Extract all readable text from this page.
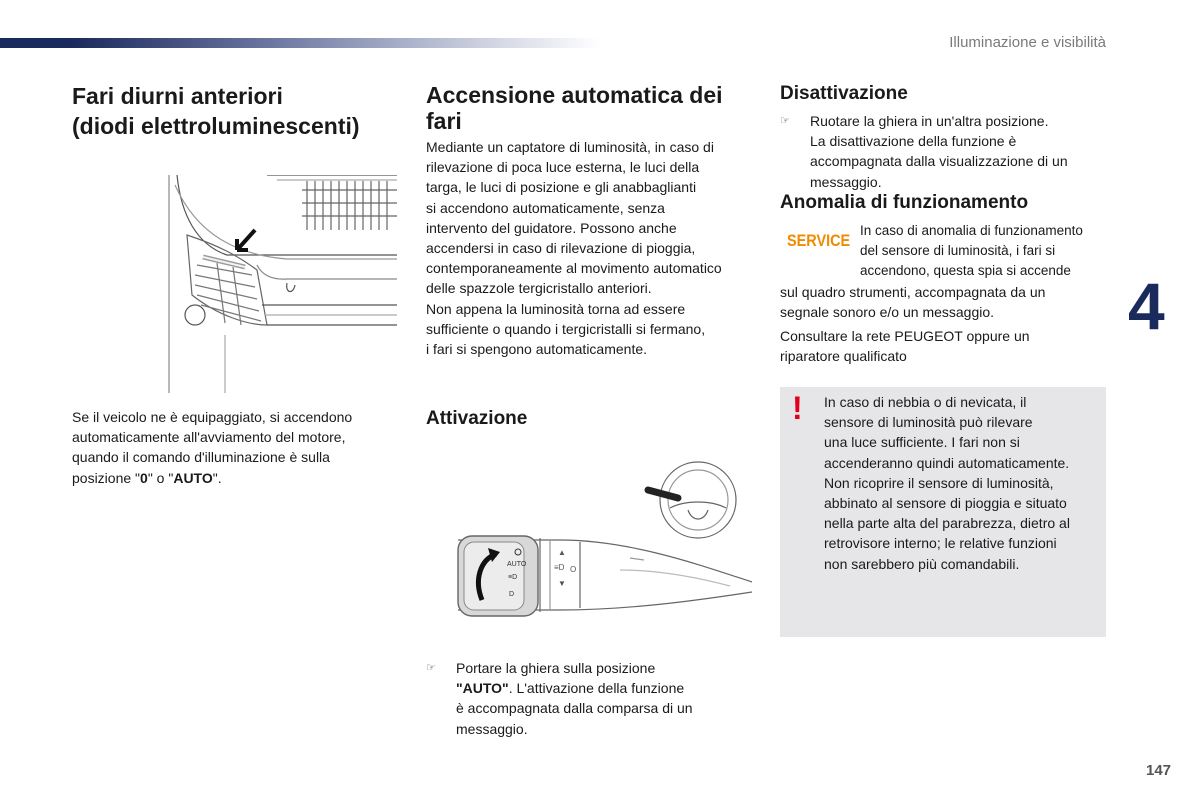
Illuminazione e visibilità
4
147
Fari diurni anteriori
(diodi elettroluminescenti)
Se il veicolo ne è equipaggiato, si accendono
automaticamente all'avviamento del motore,
quando il comando d'illuminazione è sulla
posizione "0" o "AUTO".
Accensione automatica dei
fari
Mediante un captatore di luminosità, in caso di
rilevazione di poca luce esterna, le luci della
targa, le luci di posizione e gli anabbaglianti
si accendono automaticamente, senza
intervento del guidatore. Possono anche
accendersi in caso di rilevazione di pioggia,
contemporaneamente al movimento automatico
delle spazzole tergicristallo anteriori.
Non appena la luminosità torna ad essere
sufficiente o quando i tergicristalli si fermano,
i fari si spengono automaticamente.
Attivazione
AUTO
≡D
D
▲
≡D O
▼
☞ Portare la ghiera sulla posizione
"AUTO". L'attivazione della funzione
è accompagnata dalla comparsa di un
messaggio.
Disattivazione
☞ Ruotare la ghiera in un'altra posizione.
La disattivazione della funzione è
accompagnata dalla visualizzazione di un
messaggio.
Anomalia di funzionamento
SERVICE
In caso di anomalia di funzionamento
del sensore di luminosità, i fari si
accendono, questa spia si accende
sul quadro strumenti, accompagnata da un
segnale sonoro e/o un messaggio.
Consultare la rete PEUGEOT oppure un
riparatore qualificato
! In caso di nebbia o di nevicata, il
sensore di luminosità può rilevare
una luce sufficiente. I fari non si
accenderanno quindi automaticamente.
Non ricoprire il sensore di luminosità,
abbinato al sensore di pioggia e situato
nella parte alta del parabrezza, dietro al
retrovisore interno; le relative funzioni
non sarebbero più comandabili.
